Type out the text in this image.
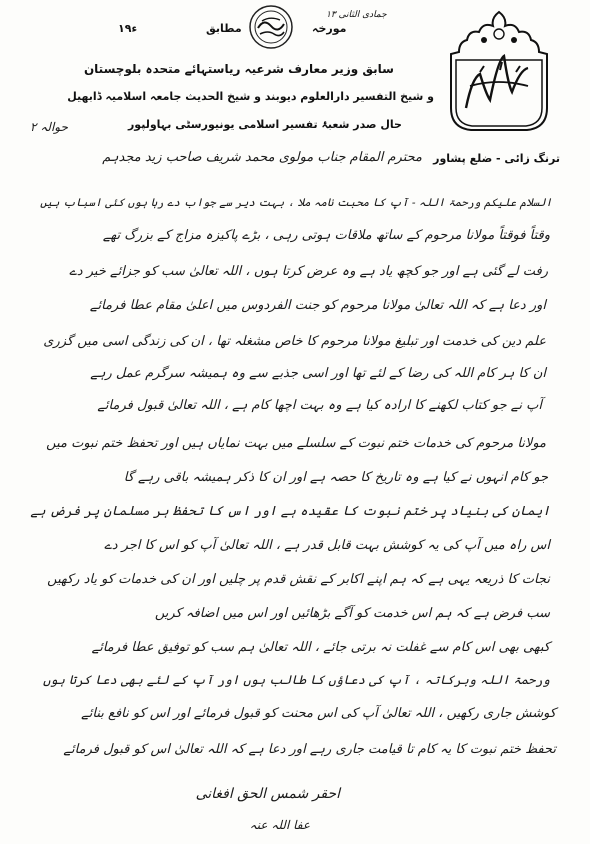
مورخہ
۱۳ جمادی الثانی
مطابق
۱۹ء
سابق وزیر معارف شرعیہ ریاستہائے متحدہ بلوچستان
و شیخ التفسیر دارالعلوم دیوبند و شیخ الحدیث جامعہ اسلامیہ ڈابھیل
حال صدر شعبۂ تفسیر اسلامی یونیورسٹی بہاولپور
ترنگ زائی - ضلع پشاور
حوالہ ۲
محترم المقام جناب مولوی محمد شریف صاحب زید مجدہم
السلام علیکم ورحمۃ اللہ - آپ کا محبت نامہ ملا ، بہت دیر سے جواب دے رہا ہوں کئی اسباب ہیں
وقتاً فوقتاً مولانا مرحوم کے ساتھ ملاقات ہوتی رہی ، بڑے پاکیزہ مزاج کے بزرگ تھے
رفت لے گئی ہے اور جو کچھ یاد ہے وہ عرض کرتا ہوں ، اللہ تعالیٰ سب کو جزائے خیر دے
اور دعا ہے کہ اللہ تعالیٰ مولانا مرحوم کو جنت الفردوس میں اعلیٰ مقام عطا فرمائے
علم دین کی خدمت اور تبلیغ مولانا مرحوم کا خاص مشغلہ تھا ، ان کی زندگی اسی میں گزری
ان کا ہر کام اللہ کی رضا کے لئے تھا اور اسی جذبے سے وہ ہمیشہ سرگرم عمل رہے
آپ نے جو کتاب لکھنے کا ارادہ کیا ہے وہ بہت اچھا کام ہے ، اللہ تعالیٰ قبول فرمائے
مولانا مرحوم کی خدمات ختم نبوت کے سلسلے میں بہت نمایاں ہیں اور تحفظ ختم نبوت میں
جو کام انہوں نے کیا ہے وہ تاریخ کا حصہ ہے اور ان کا ذکر ہمیشہ باقی رہے گا
ایمان کی بنیاد پر ختم نبوت کا عقیدہ ہے اور اس کا تحفظ ہر مسلمان پر فرض ہے
اس راہ میں آپ کی یہ کوشش بہت قابل قدر ہے ، اللہ تعالیٰ آپ کو اس کا اجر دے
نجات کا ذریعہ یہی ہے کہ ہم اپنے اکابر کے نقش قدم پر چلیں اور ان کی خدمات کو یاد رکھیں
سب فرض ہے کہ ہم اس خدمت کو آگے بڑھائیں اور اس میں اضافہ کریں
کبھی بھی اس کام سے غفلت نہ برتی جائے ، اللہ تعالیٰ ہم سب کو توفیق عطا فرمائے
ورحمۃ اللہ وبرکاتہ ، آپ کی دعاؤں کا طالب ہوں اور آپ کے لئے بھی دعا کرتا ہوں
کوشش جاری رکھیں ، اللہ تعالیٰ آپ کی اس محنت کو قبول فرمائے اور اس کو نافع بنائے
تحفظ ختم نبوت کا یہ کام تا قیامت جاری رہے اور دعا ہے کہ اللہ تعالیٰ اس کو قبول فرمائے
احقر شمس الحق افغانی
عفا اللہ عنہ
